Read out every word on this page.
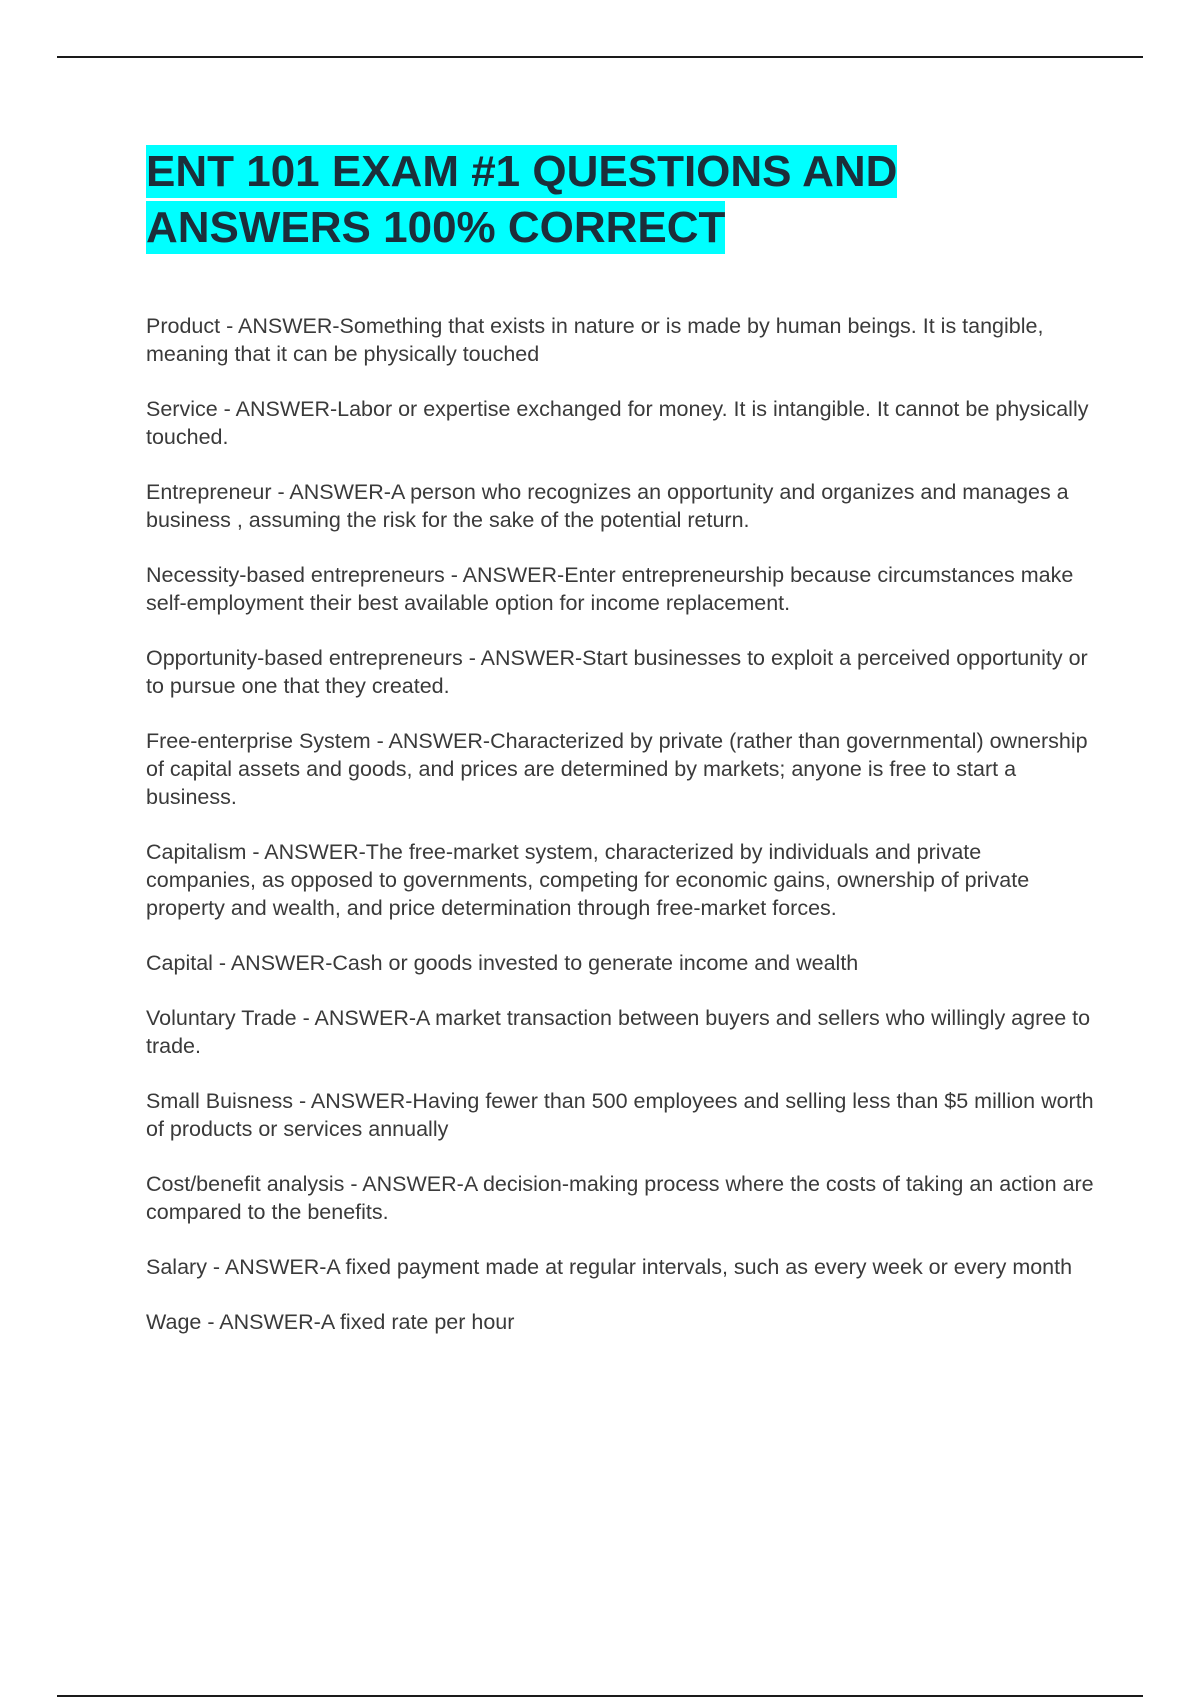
ENT 101 EXAM #1 QUESTIONS AND ANSWERS 100% CORRECT
Product - ANSWER-Something that exists in nature or is made by human beings. It is tangible, meaning that it can be physically touched
Service - ANSWER-Labor or expertise exchanged for money. It is intangible. It cannot be physically touched.
Entrepreneur - ANSWER-A person who recognizes an opportunity and organizes and manages a business , assuming the risk for the sake of the potential return.
Necessity-based entrepreneurs - ANSWER-Enter entrepreneurship because circumstances make self-employment their best available option for income replacement.
Opportunity-based entrepreneurs - ANSWER-Start businesses to exploit a perceived opportunity or to pursue one that they created.
Free-enterprise System - ANSWER-Characterized by private (rather than governmental) ownership of capital assets and goods, and prices are determined by markets; anyone is free to start a business.
Capitalism - ANSWER-The free-market system, characterized by individuals and private companies, as opposed to governments, competing for economic gains, ownership of private property and wealth, and price determination through free-market forces.
Capital - ANSWER-Cash or goods invested to generate income and wealth
Voluntary Trade - ANSWER-A market transaction between buyers and sellers who willingly agree to trade.
Small Buisness - ANSWER-Having fewer than 500 employees and selling less than $5 million worth of products or services annually
Cost/benefit analysis - ANSWER-A decision-making process where the costs of taking an action are compared to the benefits.
Salary - ANSWER-A fixed payment made at regular intervals, such as every week or every month
Wage - ANSWER-A fixed rate per hour
